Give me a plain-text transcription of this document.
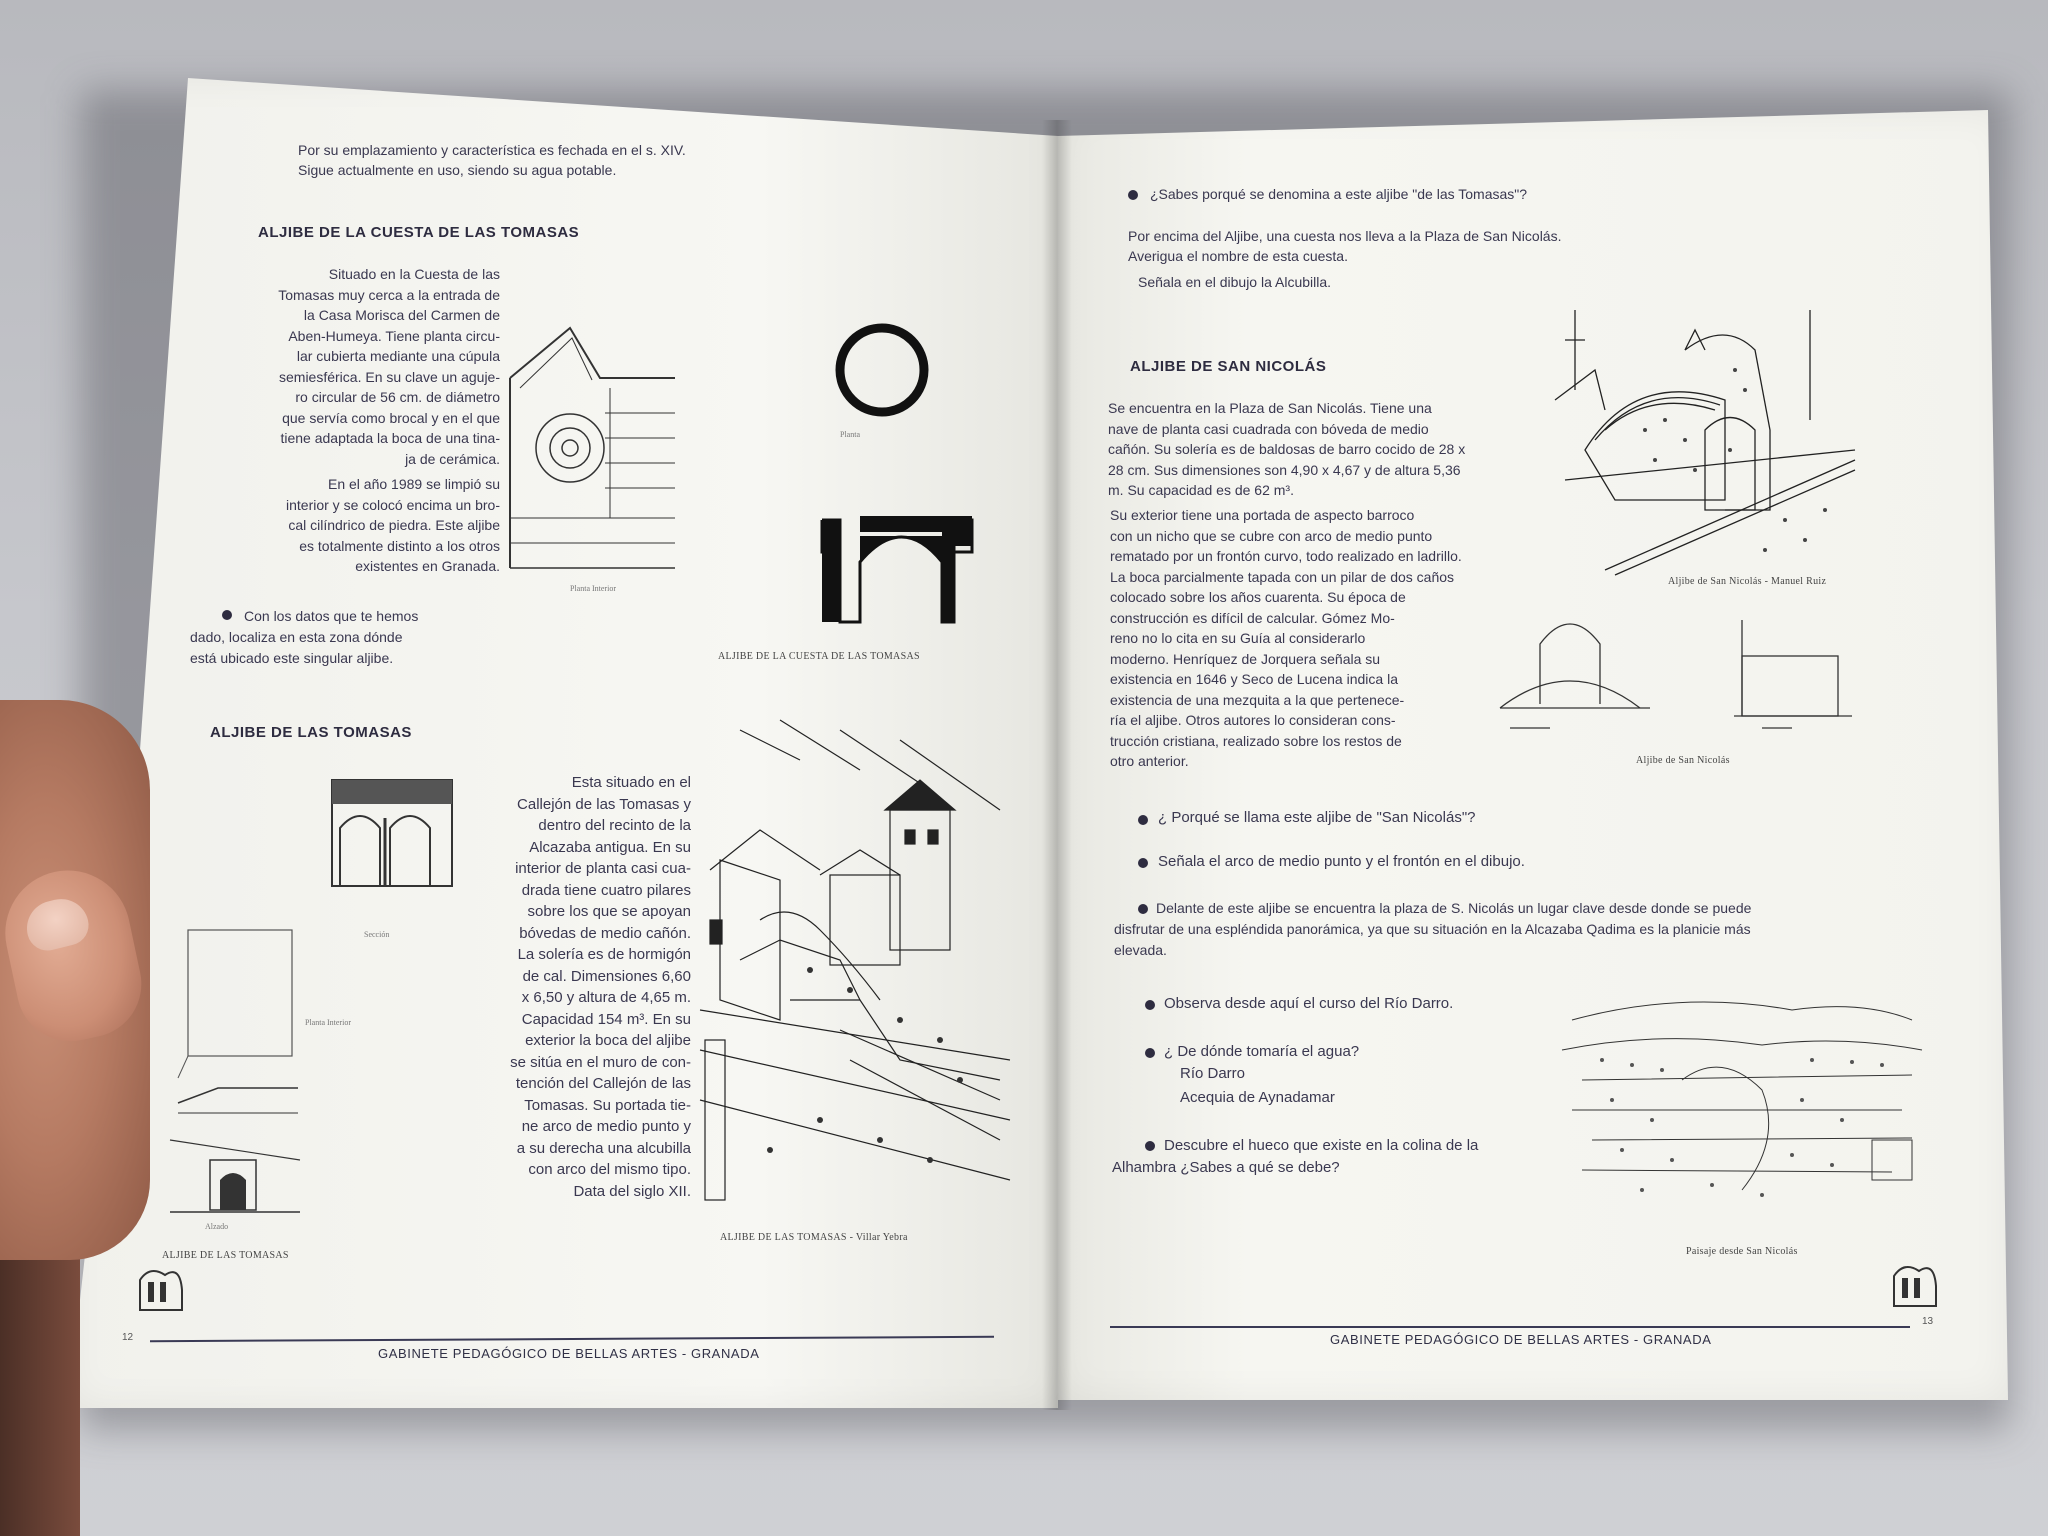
Por su emplazamiento y característica es fechada en el s. XIV.
Sigue actualmente en uso, siendo su agua potable.
ALJIBE DE LA CUESTA DE LAS TOMASAS
Situado en la Cuesta de las
Tomasas muy cerca a la entrada de
la Casa Morisca del Carmen de
Aben-Humeya. Tiene planta circu-
lar cubierta mediante una cúpula
semiesférica. En su clave un aguje-
ro circular de 56 cm. de diámetro
que servía como brocal y en el que
tiene adaptada la boca de una tina-
ja de cerámica.
En el año 1989 se limpió su
interior y se colocó encima un bro-
cal cilíndrico de piedra. Este aljibe
es totalmente distinto a los otros
existentes en Granada.
Con los datos que te hemos
dado, localiza en esta zona dónde
está ubicado este singular aljibe.
Planta Interior
Planta
ALJIBE DE LA CUESTA DE LAS TOMASAS
ALJIBE DE LAS TOMASAS
Sección
Planta Interior
Alzado
ALJIBE DE LAS TOMASAS
Esta situado en el
Callejón de las Tomasas y
dentro del recinto de la
Alcazaba antigua. En su
interior de planta casi cua-
drada tiene cuatro pilares
sobre los que se apoyan
bóvedas de medio cañón.
La solería es de hormigón
de cal. Dimensiones 6,60
x 6,50 y altura de 4,65 m.
Capacidad 154 m³. En su
exterior la boca del aljibe
se sitúa en el muro de con-
tención del Callejón de las
Tomasas. Su portada tie-
ne arco de medio punto y
a su derecha una alcubilla
con arco del mismo tipo.
Data del siglo XII.
ALJIBE DE LAS TOMASAS - Villar Yebra
12
GABINETE PEDAGÓGICO DE BELLAS ARTES - GRANADA
¿Sabes porqué se denomina a este aljibe "de las Tomasas"?
Por encima del Aljibe, una cuesta nos lleva a la Plaza de San Nicolás.
Averigua el nombre de esta cuesta.
Señala en el dibujo la Alcubilla.
ALJIBE DE SAN NICOLÁS
Se encuentra en la Plaza de San Nicolás. Tiene una
nave de planta casi cuadrada con bóveda de medio
cañón. Su solería es de baldosas de barro cocido de 28 x
28 cm. Sus dimensiones son 4,90 x 4,67 y de altura 5,36
m. Su capacidad es de 62 m³.
Su exterior tiene una portada de aspecto barroco
con un nicho que se cubre con arco de medio punto
rematado por un frontón curvo, todo realizado en ladrillo.
La boca parcialmente tapada con un pilar de dos caños
colocado sobre los años cuarenta. Su época de
construcción es difícil de calcular. Gómez Mo-
reno no lo cita en su Guía al considerarlo
moderno. Henríquez de Jorquera señala su
existencia en 1646 y Seco de Lucena indica la
existencia de una mezquita a la que pertenece-
ría el aljibe. Otros autores lo consideran cons-
trucción cristiana, realizado sobre los restos de
otro anterior.
Aljibe de San Nicolás - Manuel Ruiz
Aljibe de San Nicolás
¿ Porqué se llama este aljibe de "San Nicolás"?
Señala el arco de medio punto y el frontón en el dibujo.
Delante de este aljibe se encuentra la plaza de S. Nicolás un lugar clave desde donde se puede
disfrutar de una espléndida panorámica, ya que su situación en la Alcazaba Qadima es la planicie más
elevada.
Observa desde aquí el curso del Río Darro.
¿ De dónde tomaría el agua?
Río Darro
Acequia de Aynadamar
Descubre el hueco que existe en la colina de la
Alhambra ¿Sabes a qué se debe?
Paisaje desde San Nicolás
13
GABINETE PEDAGÓGICO DE BELLAS ARTES - GRANADA
